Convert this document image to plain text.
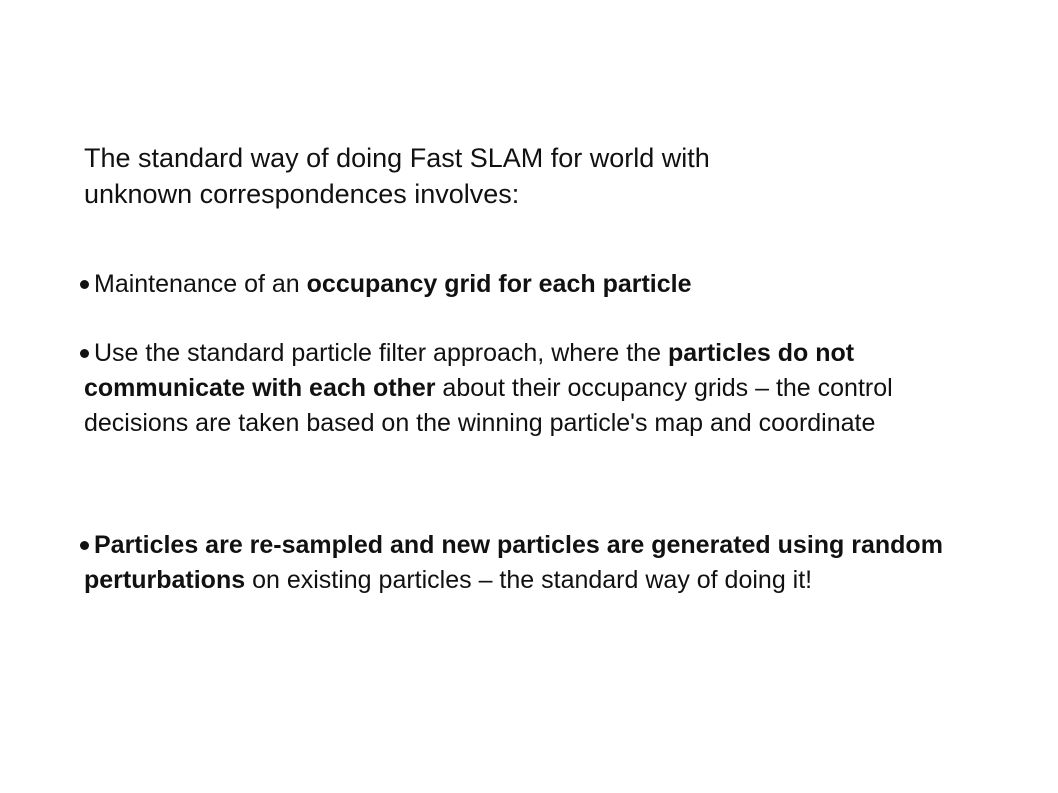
The standard way of doing Fast SLAM for world with
unknown correspondences involves:

Maintenance of an occupancy grid for each particle

Use the standard particle filter approach, where the particles do not communicate with each other about their occupancy grids – the control decisions are taken based on the winning particle's map and coordinate

Particles are re-sampled and new particles are generated using random perturbations on existing particles – the standard way of doing it!
